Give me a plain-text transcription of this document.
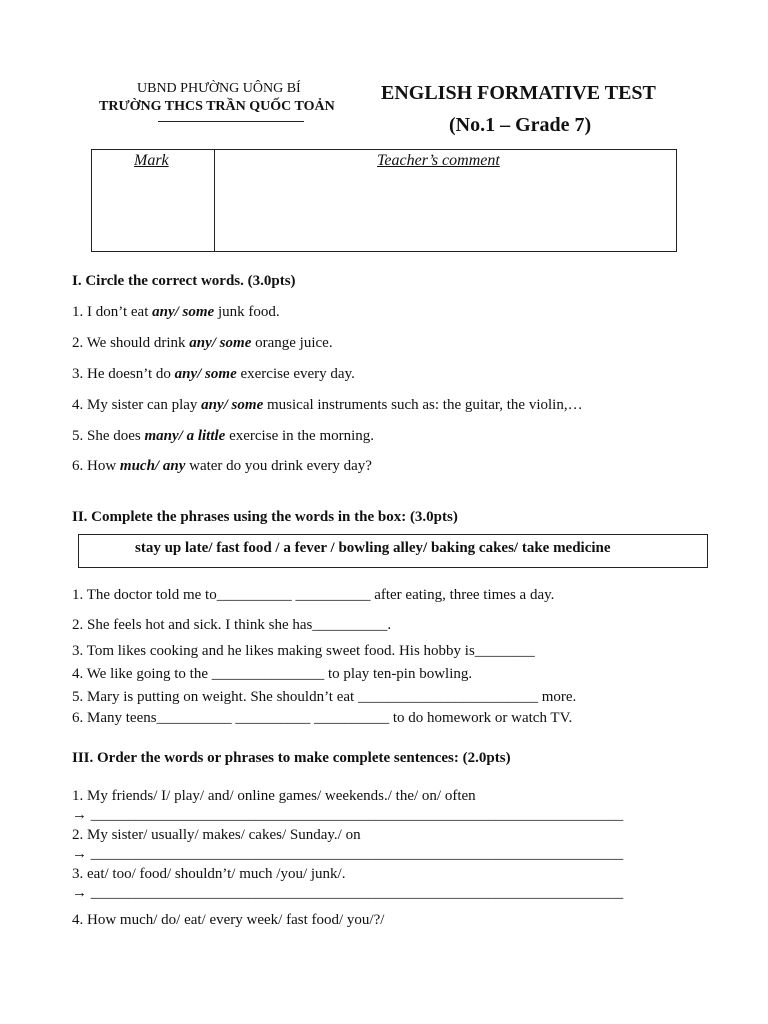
UBND PHƯỜNG UÔNG BÍ
TRƯỜNG THCS TRẦN QUỐC TOẢN
ENGLISH FORMATIVE TEST
(No.1 – Grade 7)
Mark	Teacher’s comment
I. Circle the correct words. (3.0pts)
1. I don’t eat any/ some junk food.
2. We should drink any/ some orange juice.
3. He doesn’t do any/ some exercise every day.
4. My sister can play any/ some musical instruments such as: the guitar, the violin,…
5. She does many/ a little exercise in the morning.
6. How much/ any water do you drink every day?
II. Complete the phrases using the words in the box: (3.0pts)
stay up late/ fast food / a fever / bowling alley/ baking cakes/ take medicine
1. The doctor told me to__________ __________ after eating, three times a day.
2. She feels hot and sick. I think she has__________.
3. Tom likes cooking and he likes making sweet food. His hobby is________
4. We like going to the _______________ to play ten-pin bowling.
5. Mary is putting on weight. She shouldn’t eat ________________________ more.
6. Many teens__________ __________ __________ to do homework or watch TV.
III. Order the words or phrases to make complete sentences: (2.0pts)
1. My friends/ I/ play/ and/ online games/ weekends./ the/ on/ often
→ _______________________________________________________________________
2. My sister/ usually/ makes/ cakes/ Sunday./ on
→ _______________________________________________________________________
3. eat/ too/ food/ shouldn’t/ much /you/ junk/.
→ _______________________________________________________________________
4. How much/ do/ eat/ every week/ fast food/ you/?/
